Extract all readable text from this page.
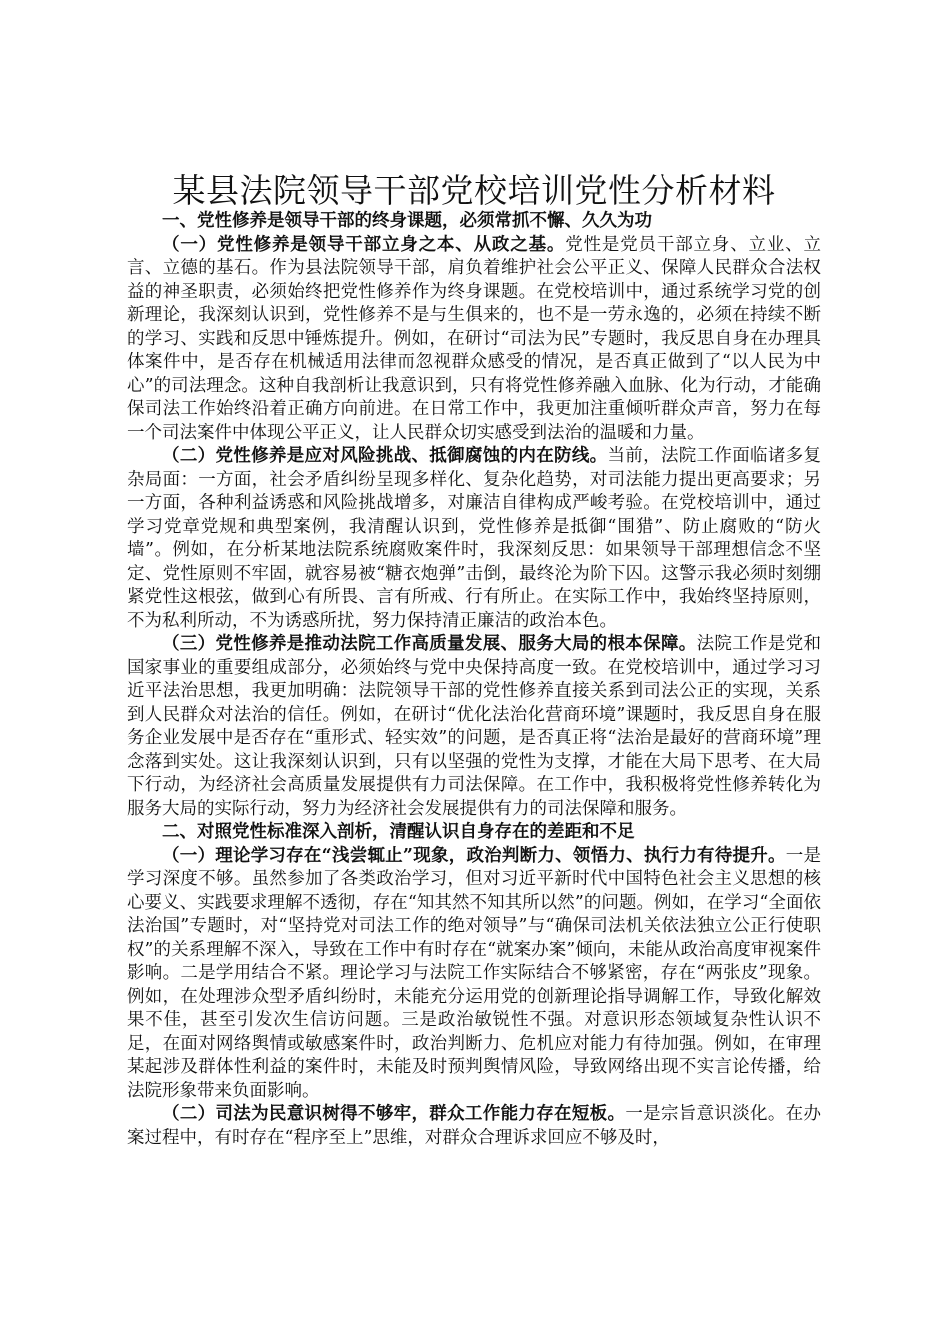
某县法院领导干部党校培训党性分析材料

一、党性修养是领导干部的终身课题，必须常抓不懈、久久为功

（一）党性修养是领导干部立身之本、从政之基。党性是党员干部立身、立业、立言、立德的基石。作为县法院领导干部，肩负着维护社会公平正义、保障人民群众合法权益的神圣职责，必须始终把党性修养作为终身课题。在党校培训中，通过系统学习党的创新理论，我深刻认识到，党性修养不是与生俱来的，也不是一劳永逸的，必须在持续不断的学习、实践和反思中锤炼提升。例如，在研讨“司法为民”专题时，我反思自身在办理具体案件中，是否存在机械适用法律而忽视群众感受的情况，是否真正做到了“以人民为中心”的司法理念。这种自我剖析让我意识到，只有将党性修养融入血脉、化为行动，才能确保司法工作始终沿着正确方向前进。在日常工作中，我更加注重倾听群众声音，努力在每一个司法案件中体现公平正义，让人民群众切实感受到法治的温暖和力量。

（二）党性修养是应对风险挑战、抵御腐蚀的内在防线。当前，法院工作面临诸多复杂局面：一方面，社会矛盾纠纷呈现多样化、复杂化趋势，对司法能力提出更高要求；另一方面，各种利益诱惑和风险挑战增多，对廉洁自律构成严峻考验。在党校培训中，通过学习党章党规和典型案例，我清醒认识到，党性修养是抵御“围猎”、防止腐败的“防火墙”。例如，在分析某地法院系统腐败案件时，我深刻反思：如果领导干部理想信念不坚定、党性原则不牢固，就容易被“糖衣炮弹”击倒，最终沦为阶下囚。这警示我必须时刻绷紧党性这根弦，做到心有所畏、言有所戒、行有所止。在实际工作中，我始终坚持原则，不为私利所动，不为诱惑所扰，努力保持清正廉洁的政治本色。

（三）党性修养是推动法院工作高质量发展、服务大局的根本保障。法院工作是党和国家事业的重要组成部分，必须始终与党中央保持高度一致。在党校培训中，通过学习习近平法治思想，我更加明确：法院领导干部的党性修养直接关系到司法公正的实现，关系到人民群众对法治的信任。例如，在研讨“优化法治化营商环境”课题时，我反思自身在服务企业发展中是否存在“重形式、轻实效”的问题，是否真正将“法治是最好的营商环境”理念落到实处。这让我深刻认识到，只有以坚强的党性为支撑，才能在大局下思考、在大局下行动，为经济社会高质量发展提供有力司法保障。在工作中，我积极将党性修养转化为服务大局的实际行动，努力为经济社会发展提供有力的司法保障和服务。

二、对照党性标准深入剖析，清醒认识自身存在的差距和不足

（一）理论学习存在“浅尝辄止”现象，政治判断力、领悟力、执行力有待提升。一是学习深度不够。虽然参加了各类政治学习，但对习近平新时代中国特色社会主义思想的核心要义、实践要求理解不透彻，存在“知其然不知其所以然”的问题。例如，在学习“全面依法治国”专题时，对“坚持党对司法工作的绝对领导”与“确保司法机关依法独立公正行使职权”的关系理解不深入，导致在工作中有时存在“就案办案”倾向，未能从政治高度审视案件影响。二是学用结合不紧。理论学习与法院工作实际结合不够紧密，存在“两张皮”现象。例如，在处理涉众型矛盾纠纷时，未能充分运用党的创新理论指导调解工作，导致化解效果不佳，甚至引发次生信访问题。三是政治敏锐性不强。对意识形态领域复杂性认识不足，在面对网络舆情或敏感案件时，政治判断力、危机应对能力有待加强。例如，在审理某起涉及群体性利益的案件时，未能及时预判舆情风险，导致网络出现不实言论传播，给法院形象带来负面影响。

（二）司法为民意识树得不够牢，群众工作能力存在短板。一是宗旨意识淡化。在办案过程中，有时存在“程序至上”思维，对群众合理诉求回应不够及时，
